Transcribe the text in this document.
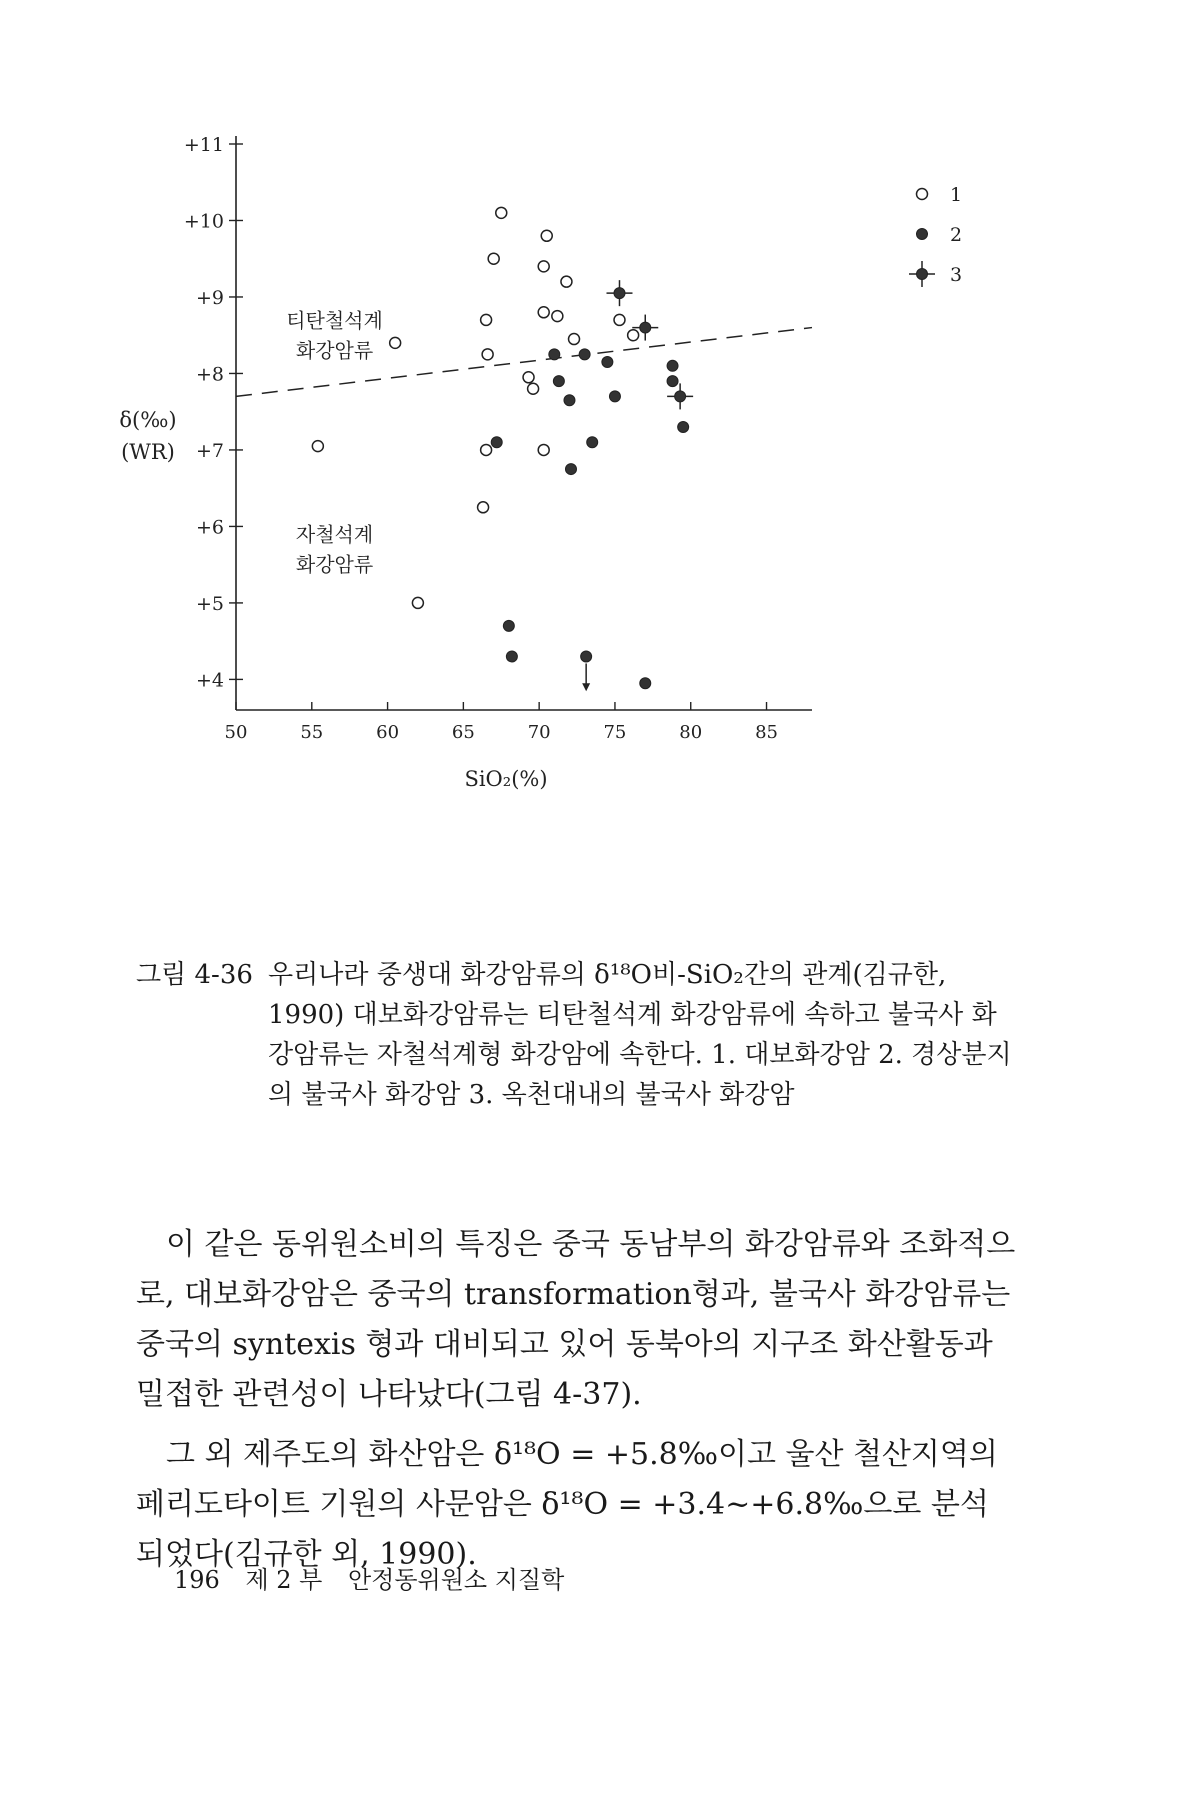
+11
+10
+9
+8
+7
+6
+5
+4
50	55	60	65	70	75	80	85
SiO₂(%)
δ(‰)
(WR)
티탄철석계
화강암류
자철석계
화강암류
1
2
3
그림 4-36 우리나라 중생대 화강암류의 δ¹⁸O비-SiO₂간의 관계(김규한, 1990) 대보화강암류는 티탄철석계 화강암류에 속하고 불국사 화강암류는 자철석계형 화강암에 속한다. 1. 대보화강암 2. 경상분지의 불국사 화강암 3. 옥천대내의 불국사 화강암

이 같은 동위원소비의 특징은 중국 동남부의 화강암류와 조화적으로, 대보화강암은 중국의 transformation형과, 불국사 화강암류는 중국의 syntexis 형과 대비되고 있어 동북아의 지구조 화산활동과 밀접한 관련성이 나타났다(그림 4-37).

그 외 제주도의 화산암은 δ¹⁸O = +5.8‰이고 울산 철산지역의 페리도타이트 기원의 사문암은 δ¹⁸O = +3.4~+6.8‰으로 분석되었다(김규한 외, 1990).

196 제 2 부 안정동위원소 지질학
